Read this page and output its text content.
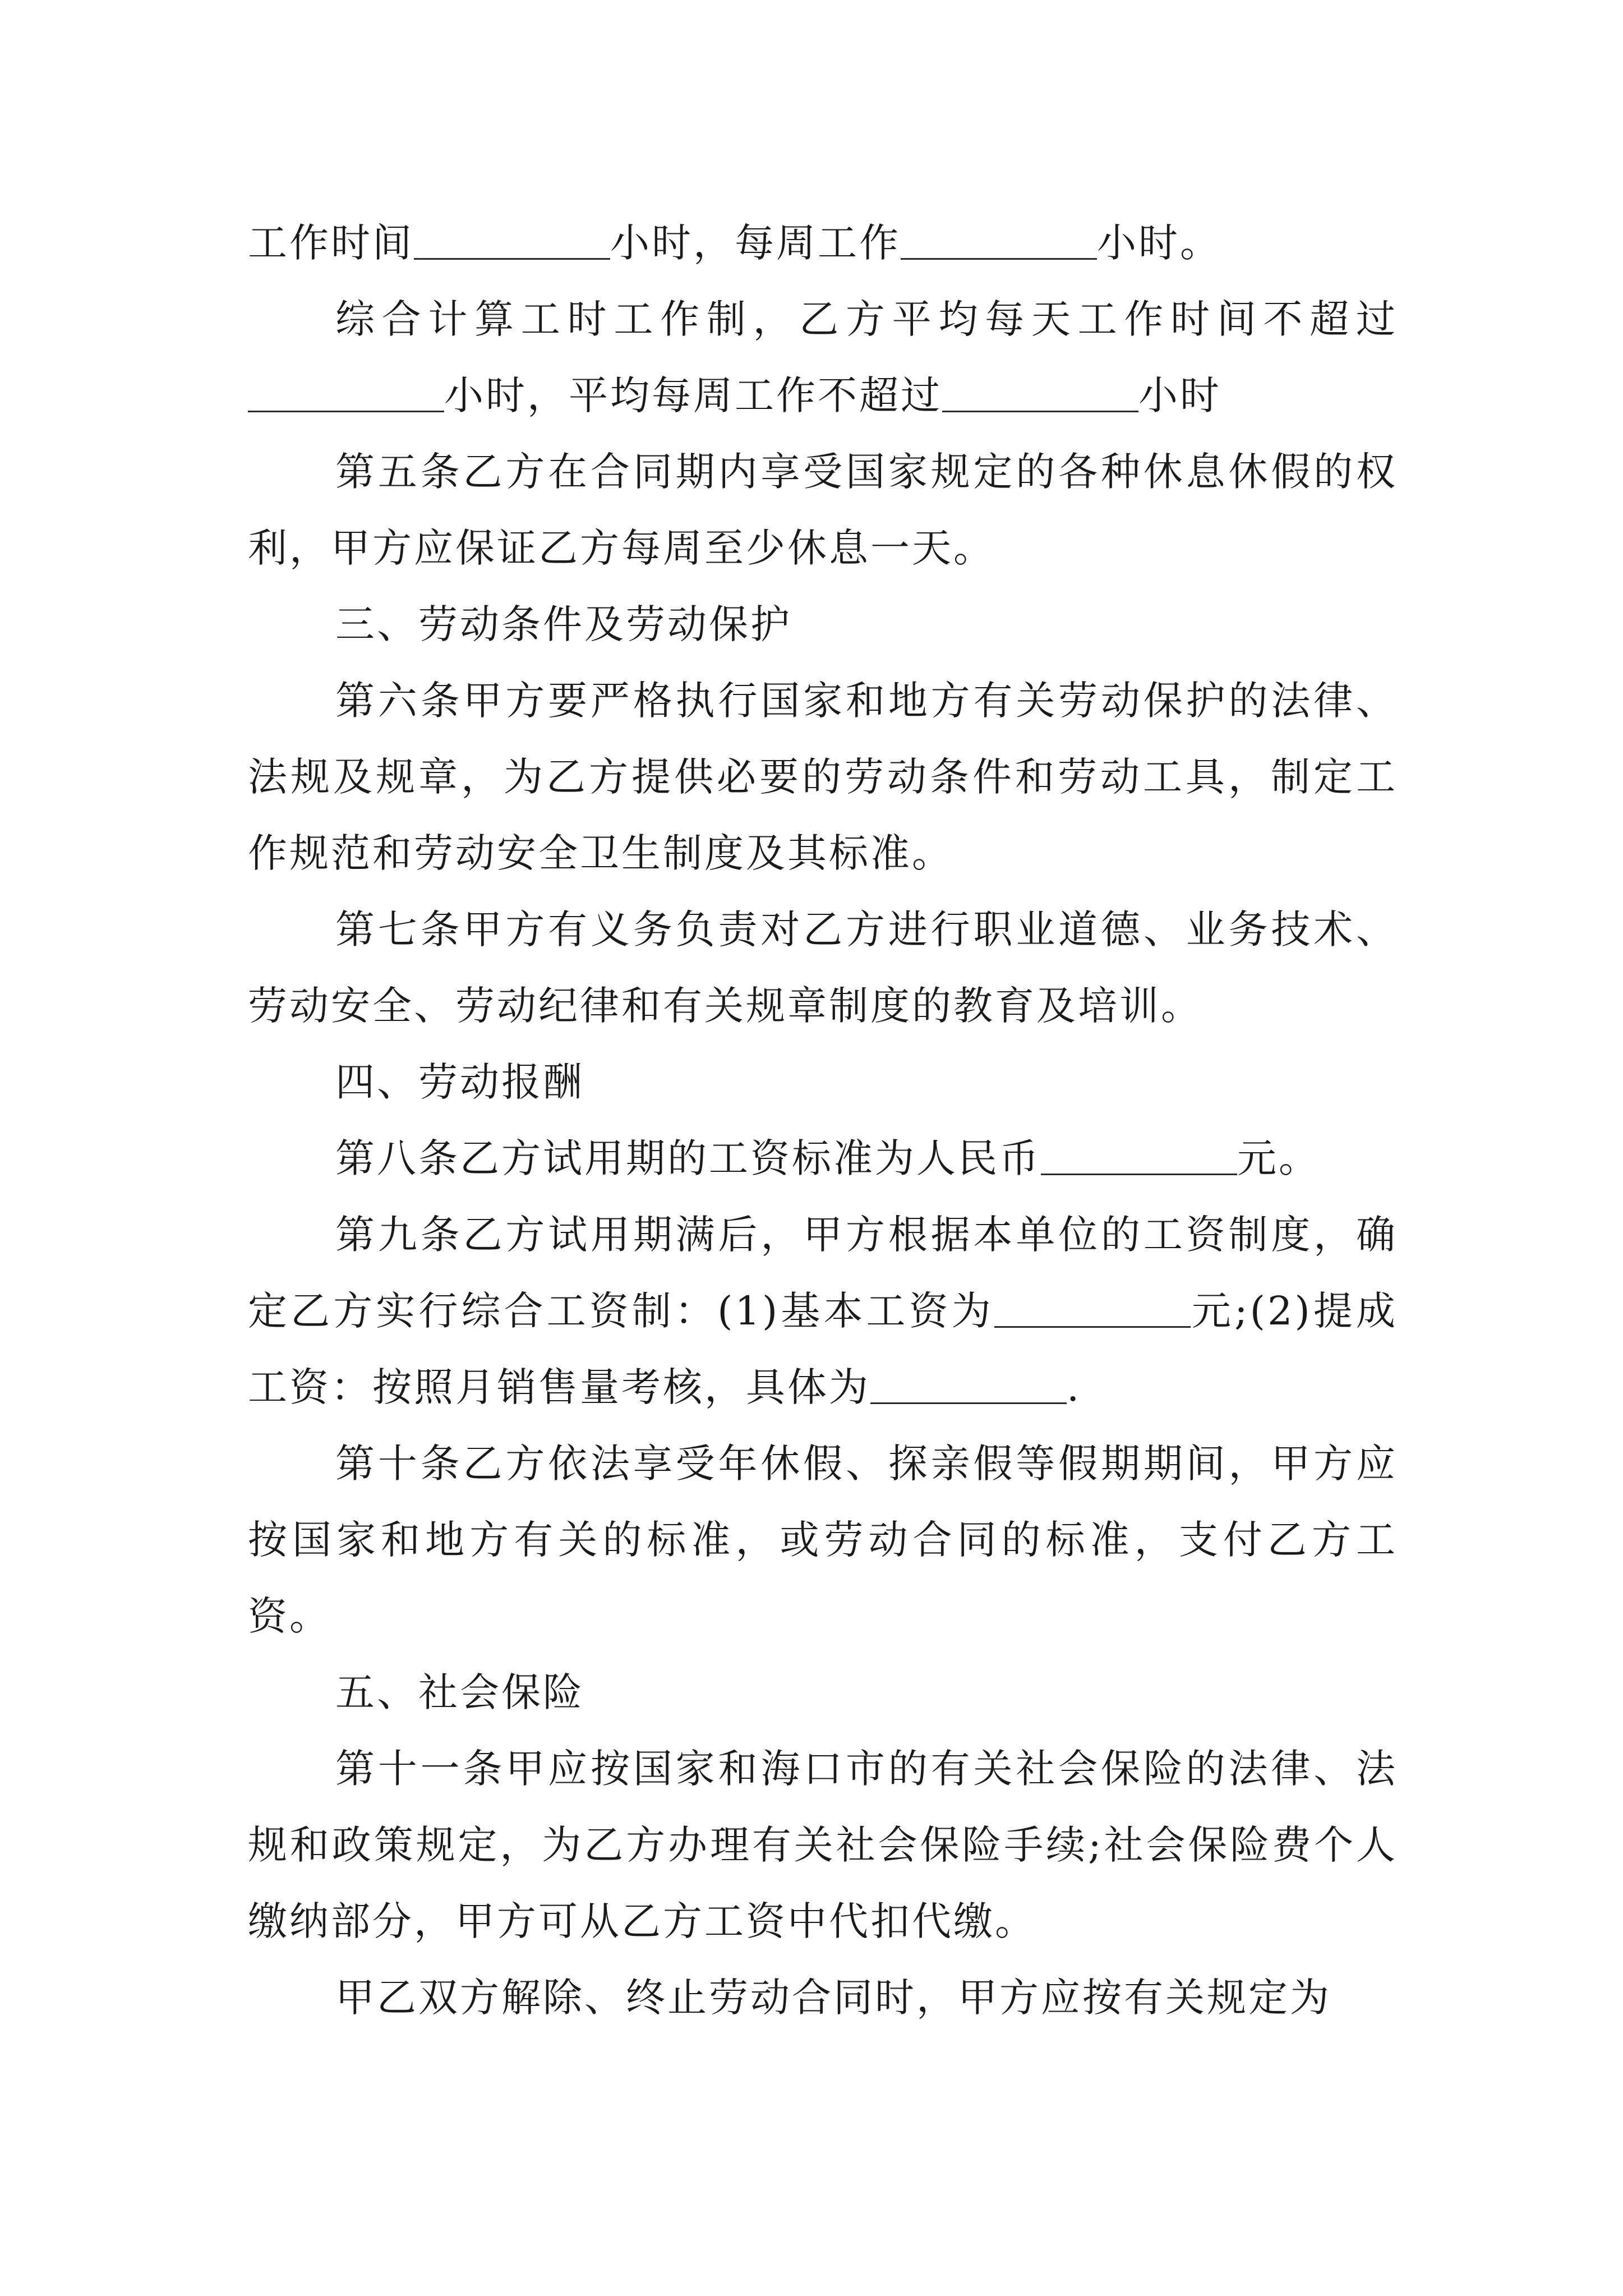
工作时间	小时，每周工作	小时。

综合计算工时工作制，乙方平均每天工作时间不超过小时，平均每周工作不超过	小时

第五条乙方在合同期内享受国家规定的各种休息休假的权利，甲方应保证乙方每周至少休息一天。

三、劳动条件及劳动保护

第六条甲方要严格执行国家和地方有关劳动保护的法律、法规及规章，为乙方提供必要的劳动条件和劳动工具，制定工作规范和劳动安全卫生制度及其标准。

第七条甲方有义务负责对乙方进行职业道德、业务技术、劳动安全、劳动纪律和有关规章制度的教育及培训。

四、劳动报酬

第八条乙方试用期的工资标准为人民币	元。

第九条乙方试用期满后，甲方根据本单位的工资制度，确定乙方实行综合工资制：(1)基本工资为	元;(2)提成工资：按照月销售量考核，具体为	.

第十条乙方依法享受年休假、探亲假等假期期间，甲方应按国家和地方有关的标准，或劳动合同的标准，支付乙方工资。

五、社会保险

第十一条甲应按国家和海口市的有关社会保险的法律、法规和政策规定，为乙方办理有关社会保险手续;社会保险费个人缴纳部分，甲方可从乙方工资中代扣代缴。

甲乙双方解除、终止劳动合同时，甲方应按有关规定为
